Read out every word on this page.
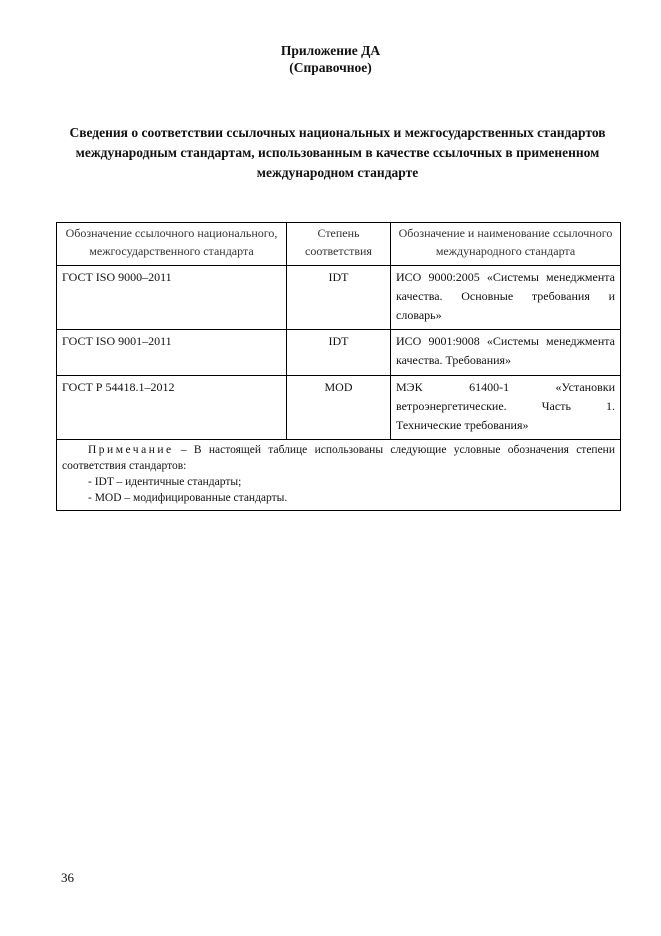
Приложение ДА
(Справочное)
Сведения о соответствии ссылочных национальных и межгосударственных стандартов международным стандартам, использованным в качестве ссылочных в примененном международном стандарте
Обозначение ссылочного национального, межгосударственного стандарта	Степень соответствия	Обозначение и наименование ссылочного международного стандарта
ГОСТ ISO 9000–2011	IDT	ИСО 9000:2005 «Системы менеджмента качества. Основные требования и словарь»
ГОСТ ISO 9001–2011	IDT	ИСО 9001:9008 «Системы менеджмента качества. Требования»
ГОСТ Р 54418.1–2012	MOD	МЭК 61400-1 «Установки ветроэнергетические. Часть 1. Технические требования»

Примечание – В настоящей таблице использованы следующие условные обозначения степени соответствия стандартов:
- IDT – идентичные стандарты;
- MOD – модифицированные стандарты.		
36
